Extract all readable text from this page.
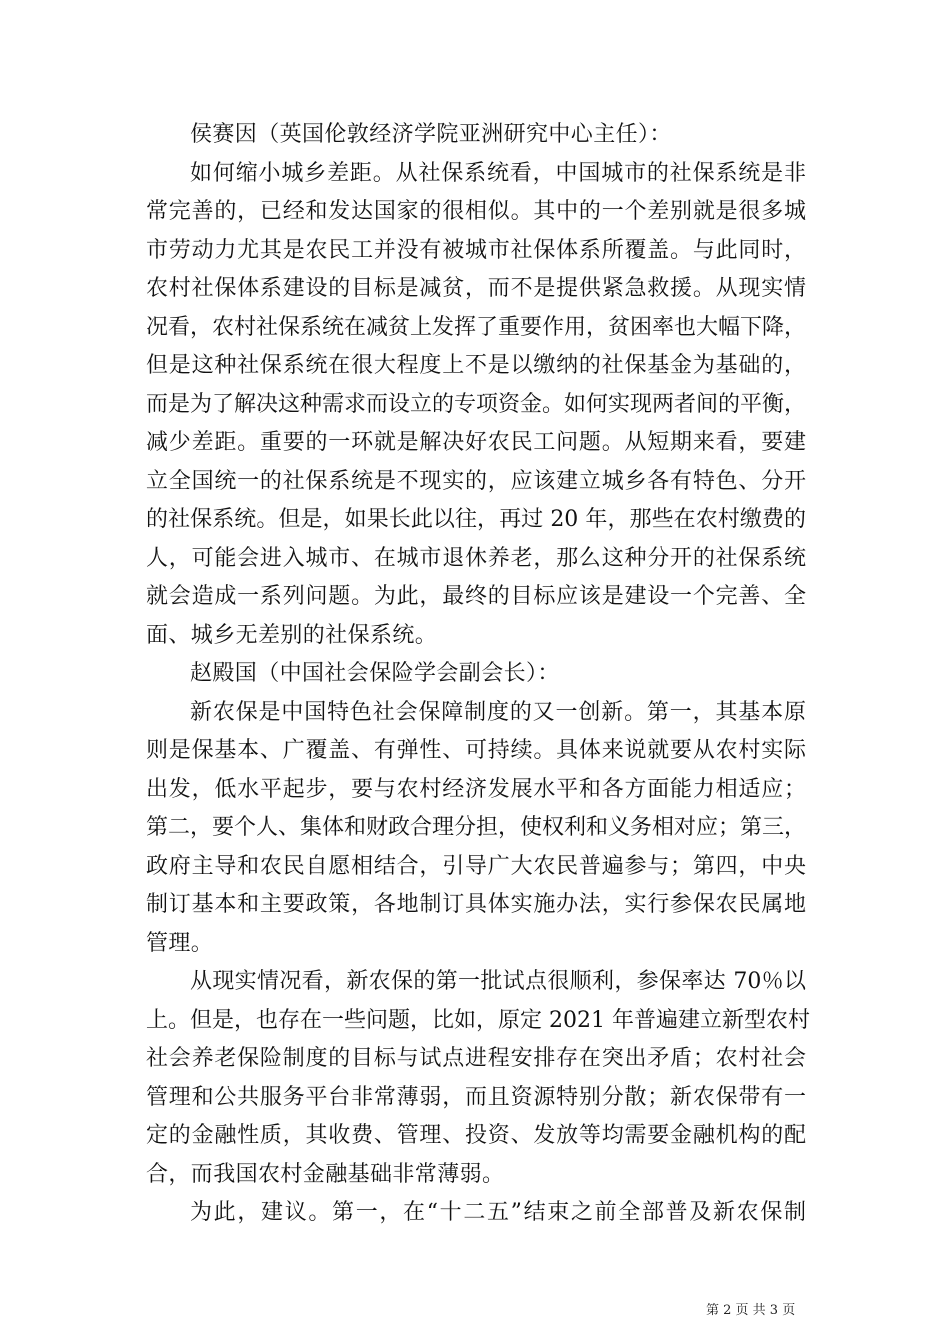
侯赛因（英国伦敦经济学院亚洲研究中心主任）：
如何缩小城乡差距。从社保系统看，中国城市的社保系统是非
常完善的，已经和发达国家的很相似。其中的一个差别就是很多城
市劳动力尤其是农民工并没有被城市社保体系所覆盖。与此同时，
农村社保体系建设的目标是减贫，而不是提供紧急救援。从现实情
况看，农村社保系统在减贫上发挥了重要作用，贫困率也大幅下降，
但是这种社保系统在很大程度上不是以缴纳的社保基金为基础的，
而是为了解决这种需求而设立的专项资金。如何实现两者间的平衡，
减少差距。重要的一环就是解决好农民工问题。从短期来看，要建
立全国统一的社保系统是不现实的，应该建立城乡各有特色、分开
的社保系统。但是，如果长此以往，再过 20 年，那些在农村缴费的
人，可能会进入城市、在城市退休养老，那么这种分开的社保系统
就会造成一系列问题。为此，最终的目标应该是建设一个完善、全
面、城乡无差别的社保系统。
赵殿国（中国社会保险学会副会长）：
新农保是中国特色社会保障制度的又一创新。第一，其基本原
则是保基本、广覆盖、有弹性、可持续。具体来说就要从农村实际
出发，低水平起步，要与农村经济发展水平和各方面能力相适应；
第二，要个人、集体和财政合理分担，使权利和义务相对应；第三，
政府主导和农民自愿相结合，引导广大农民普遍参与；第四，中央
制订基本和主要政策，各地制订具体实施办法，实行参保农民属地
管理。
从现实情况看，新农保的第一批试点很顺利，参保率达 70％以
上。但是，也存在一些问题，比如，原定 2021 年普遍建立新型农村
社会养老保险制度的目标与试点进程安排存在突出矛盾；农村社会
管理和公共服务平台非常薄弱，而且资源特别分散；新农保带有一
定的金融性质，其收费、管理、投资、发放等均需要金融机构的配
合，而我国农村金融基础非常薄弱。
为此，建议。第一，在“十二五”结束之前全部普及新农保制
第 2 页 共 3 页
